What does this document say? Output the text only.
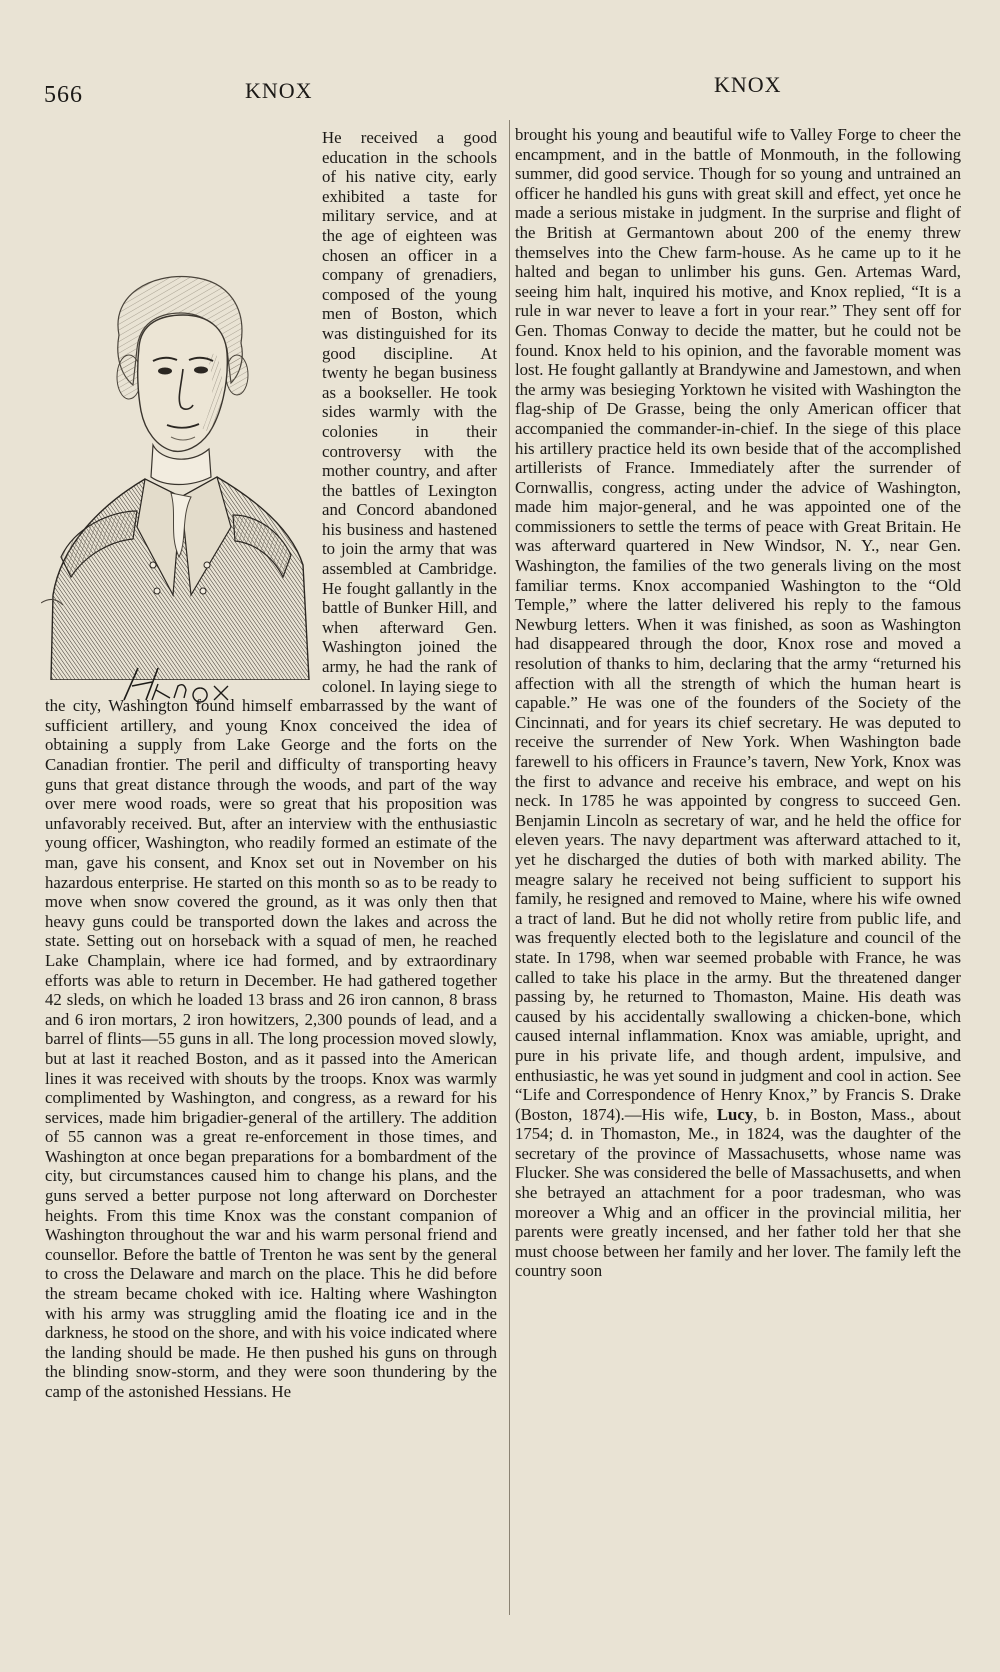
566	KNOX	KNOX

He received a good education in the schools of his native city, early exhibited a taste for military service, and at the age of eighteen was chosen an officer in a company of grenadiers, composed of the young men of Boston, which was distinguished for its good discipline. At twenty he began business as a bookseller. He took sides warmly with the colonies in their controversy with the mother country, and after the battles of Lexington and Concord abandoned his business and hastened to join the army that was assembled at Cambridge. He fought gallantly in the battle of Bunker Hill, and when afterward Gen. Washington joined the army, he had the rank of colonel. In laying siege to the city, Washington found himself embarrassed by the want of sufficient artillery, and young Knox conceived the idea of obtaining a supply from Lake George and the forts on the Canadian frontier. The peril and difficulty of transporting heavy guns that great distance through the woods, and part of the way over mere wood roads, were so great that his proposition was unfavorably received. But, after an interview with the enthusiastic young officer, Washington, who readily formed an estimate of the man, gave his consent, and Knox set out in November on his hazardous enterprise. He started on this month so as to be ready to move when snow covered the ground, as it was only then that heavy guns could be transported down the lakes and across the state. Setting out on horseback with a squad of men, he reached Lake Champlain, where ice had formed, and by extraordinary efforts was able to return in December. He had gathered together 42 sleds, on which he loaded 13 brass and 26 iron cannon, 8 brass and 6 iron mortars, 2 iron howitzers, 2,300 pounds of lead, and a barrel of flints—55 guns in all. The long procession moved slowly, but at last it reached Boston, and as it passed into the American lines it was received with shouts by the troops. Knox was warmly complimented by Washington, and congress, as a reward for his services, made him brigadier-general of the artillery. The addition of 55 cannon was a great re-enforcement in those times, and Washington at once began preparations for a bombardment of the city, but circumstances caused him to change his plans, and the guns served a better purpose not long afterward on Dorchester heights. From this time Knox was the constant companion of Washington throughout the war and his warm personal friend and counsellor. Before the battle of Trenton he was sent by the general to cross the Delaware and march on the place. This he did before the stream became choked with ice. Halting where Washington with his army was struggling amid the floating ice and in the darkness, he stood on the shore, and with his voice indicated where the landing should be made. He then pushed his guns on through the blinding snow-storm, and they were soon thundering by the camp of the astonished Hessians. He

brought his young and beautiful wife to Valley Forge to cheer the encampment, and in the battle of Monmouth, in the following summer, did good service. Though for so young and untrained an officer he handled his guns with great skill and effect, yet once he made a serious mistake in judgment. In the surprise and flight of the British at Germantown about 200 of the enemy threw themselves into the Chew farm-house. As he came up to it he halted and began to unlimber his guns. Gen. Artemas Ward, seeing him halt, inquired his motive, and Knox replied, “It is a rule in war never to leave a fort in your rear.” They sent off for Gen. Thomas Conway to decide the matter, but he could not be found. Knox held to his opinion, and the favorable moment was lost. He fought gallantly at Brandywine and Jamestown, and when the army was besieging Yorktown he visited with Washington the flag-ship of De Grasse, being the only American officer that accompanied the commander-in-chief. In the siege of this place his artillery practice held its own beside that of the accomplished artillerists of France. Immediately after the surrender of Cornwallis, congress, acting under the advice of Washington, made him major-general, and he was appointed one of the commissioners to settle the terms of peace with Great Britain. He was afterward quartered in New Windsor, N. Y., near Gen. Washington, the families of the two generals living on the most familiar terms. Knox accompanied Washington to the “Old Temple,” where the latter delivered his reply to the famous Newburg letters. When it was finished, as soon as Washington had disappeared through the door, Knox rose and moved a resolution of thanks to him, declaring that the army “returned his affection with all the strength of which the human heart is capable.” He was one of the founders of the Society of the Cincinnati, and for years its chief secretary. He was deputed to receive the surrender of New York. When Washington bade farewell to his officers in Fraunce’s tavern, New York, Knox was the first to advance and receive his embrace, and wept on his neck. In 1785 he was appointed by congress to succeed Gen. Benjamin Lincoln as secretary of war, and he held the office for eleven years. The navy department was afterward attached to it, yet he discharged the duties of both with marked ability. The meagre salary he received not being sufficient to support his family, he resigned and removed to Maine, where his wife owned a tract of land. But he did not wholly retire from public life, and was frequently elected both to the legislature and council of the state. In 1798, when war seemed probable with France, he was called to take his place in the army. But the threatened danger passing by, he returned to Thomaston, Maine. His death was caused by his accidentally swallowing a chicken-bone, which caused internal inflammation. Knox was amiable, upright, and pure in his private life, and though ardent, impulsive, and enthusiastic, he was yet sound in judgment and cool in action. See “Life and Correspondence of Henry Knox,” by Francis S. Drake (Boston, 1874).—His wife, Lucy, b. in Boston, Mass., about 1754; d. in Thomaston, Me., in 1824, was the daughter of the secretary of the province of Massachusetts, whose name was Flucker. She was considered the belle of Massachusetts, and when she betrayed an attachment for a poor tradesman, who was moreover a Whig and an officer in the provincial militia, her parents were greatly incensed, and her father told her that she must choose between her family and her lover. The family left the country soon
